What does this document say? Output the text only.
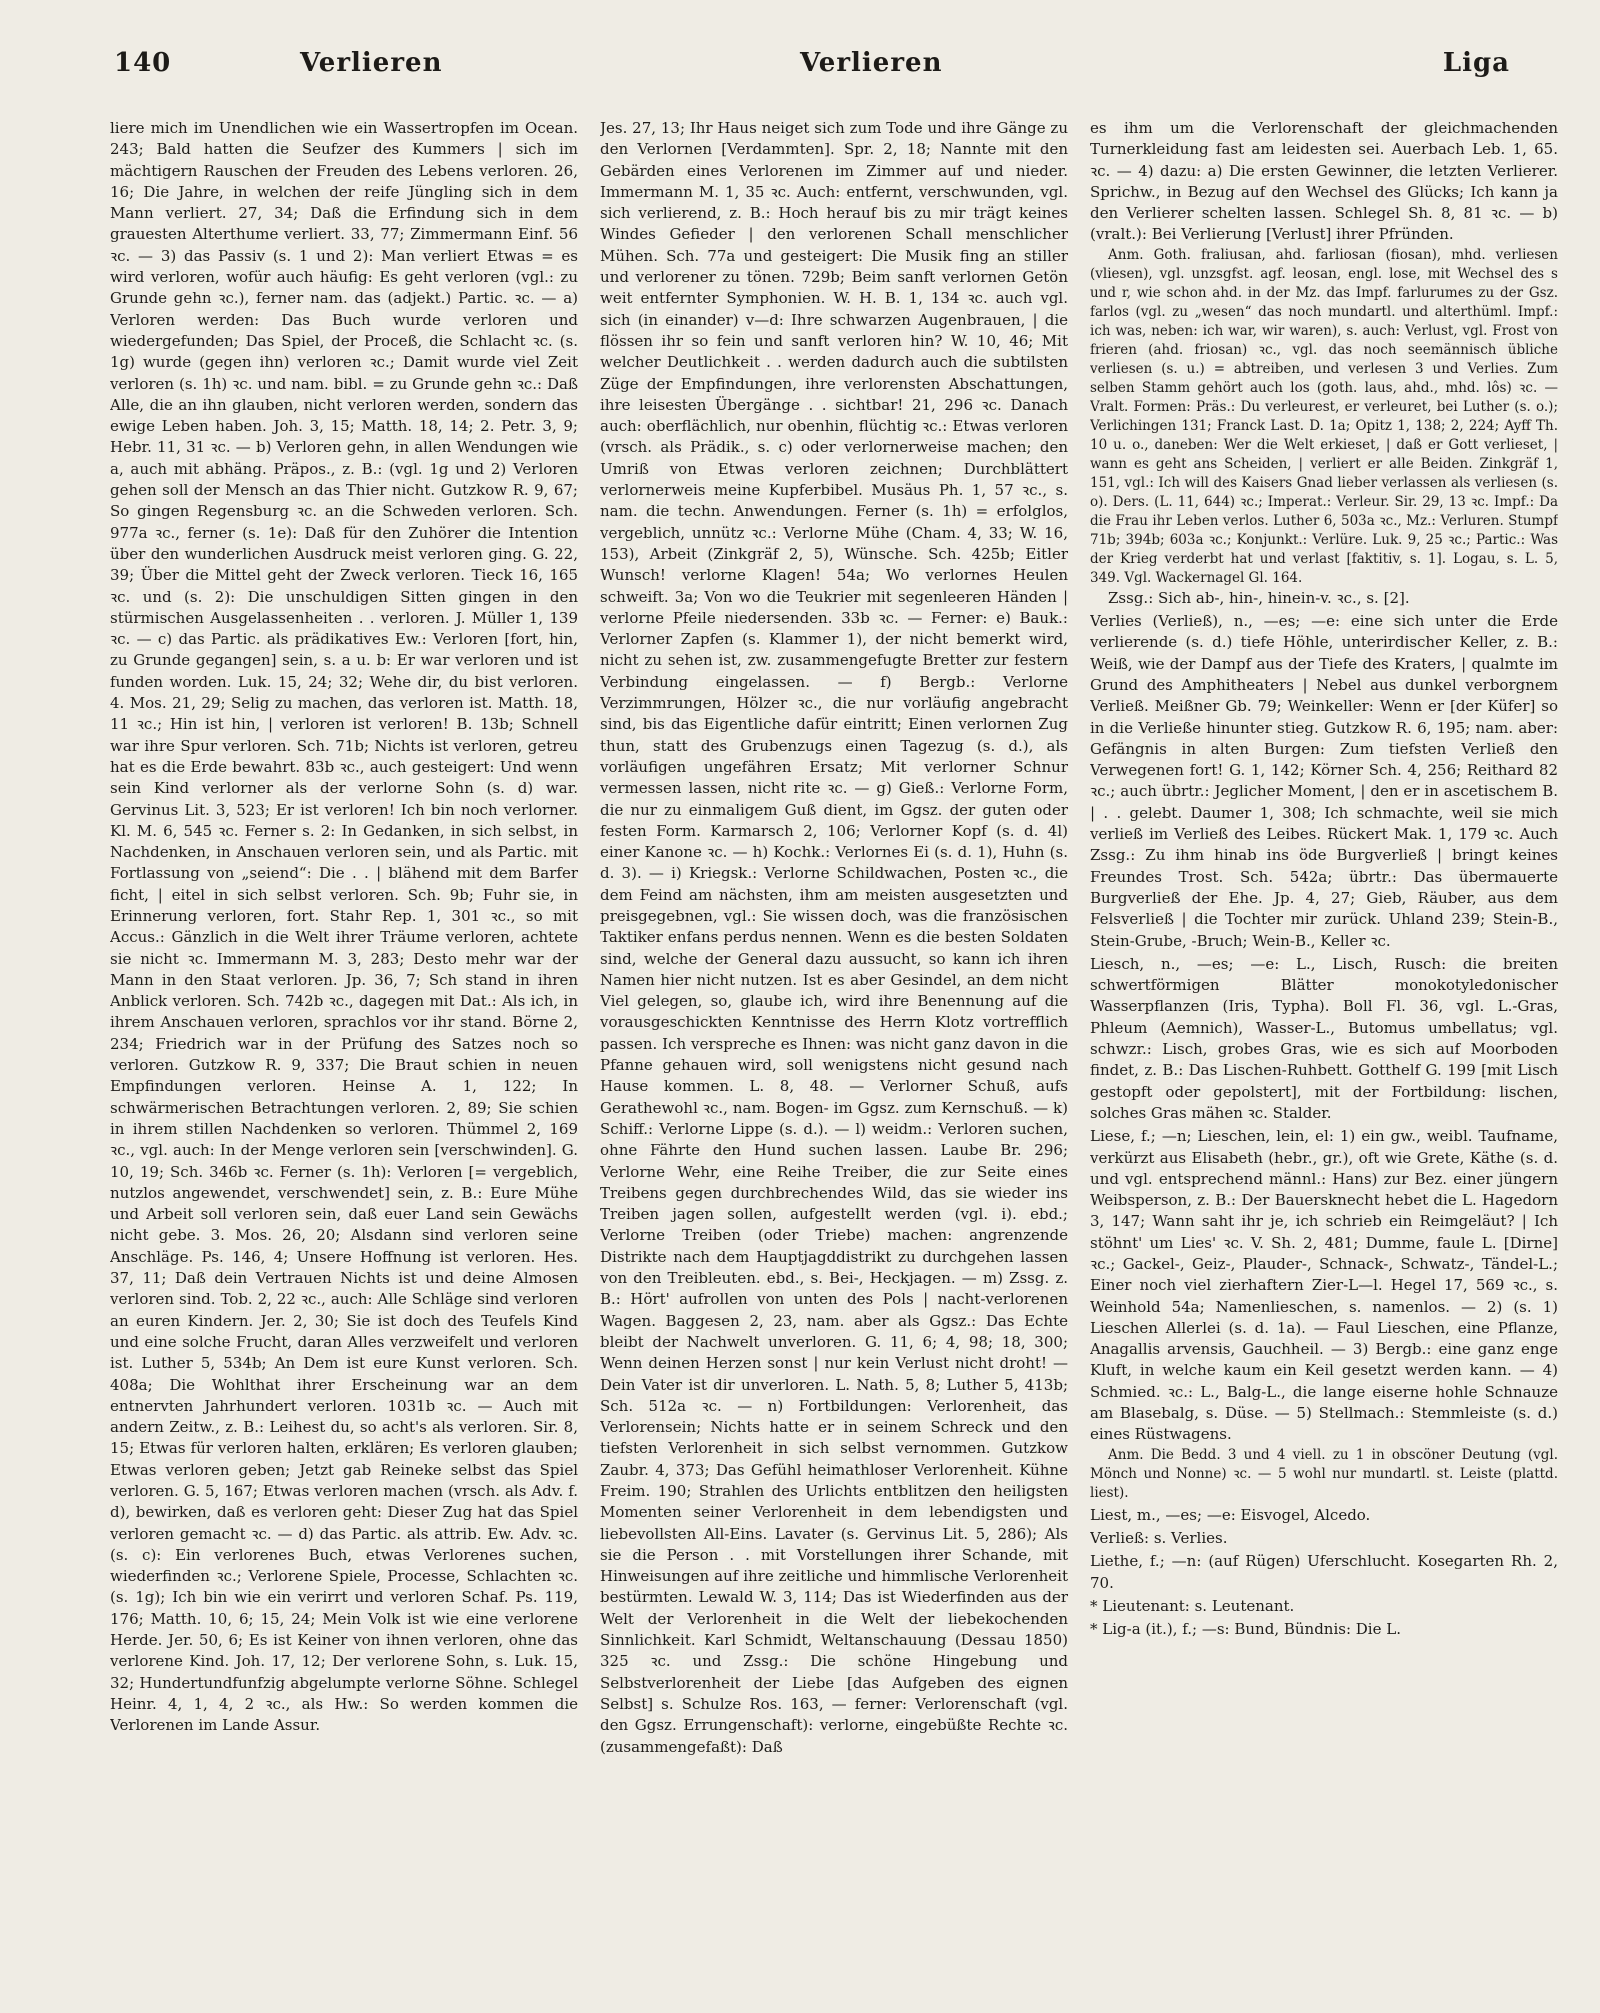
140	Verlieren	Verlieren	Liga

liere mich im Unendlichen wie ein Wassertropfen im Ocean. 243; Bald hatten die Seufzer des Kummers | sich im mächtigern Rauschen der Freuden des Lebens verloren. 26, 16; Die Jahre, in welchen der reife Jüngling sich in dem Mann verliert. 27, 34; Daß die Erfindung sich in dem grauesten Alterthume verliert. 33, 77; Zimmermann Einf. 56 ꝛc. — 3) das Passiv (s. 1 und 2): Man verliert Etwas = es wird verloren, wofür auch häufig: Es geht verloren (vgl.: zu Grunde gehn ꝛc.), ferner nam. das (adjekt.) Partic. ꝛc. — a) Verloren werden: Das Buch wurde verloren und wiedergefunden; Das Spiel, der Proceß, die Schlacht ꝛc. (s. 1g) wurde (gegen ihn) verloren ꝛc.; Damit wurde viel Zeit verloren (s. 1h) ꝛc. und nam. bibl. = zu Grunde gehn ꝛc.: Daß Alle, die an ihn glauben, nicht verloren werden, sondern das ewige Leben haben. Joh. 3, 15; Matth. 18, 14; 2. Petr. 3, 9; Hebr. 11, 31 ꝛc. — b) Verloren gehn, in allen Wendungen wie a, auch mit abhäng. Präpos., z. B.: (vgl. 1g und 2) Verloren gehen soll der Mensch an das Thier nicht. Gutzkow R. 9, 67; So gingen Regensburg ꝛc. an die Schweden verloren. Sch. 977a ꝛc., ferner (s. 1e): Daß für den Zuhörer die Intention über den wunderlichen Ausdruck meist verloren ging. G. 22, 39; Über die Mittel geht der Zweck verloren. Tieck 16, 165 ꝛc. und (s. 2): Die unschuldigen Sitten gingen in den stürmischen Ausgelassenheiten . . verloren. J. Müller 1, 139 ꝛc. — c) das Partic. als prädikatives Ew.: Verloren [fort, hin, zu Grunde gegangen] sein, s. a u. b: Er war verloren und ist funden worden. Luk. 15, 24; 32; Wehe dir, du bist verloren. 4. Mos. 21, 29; Selig zu machen, das verloren ist. Matth. 18, 11 ꝛc.; Hin ist hin, | verloren ist verloren! B. 13b; Schnell war ihre Spur verloren. Sch. 71b; Nichts ist verloren, getreu hat es die Erde bewahrt. 83b ꝛc., auch gesteigert: Und wenn sein Kind verlorner als der verlorne Sohn (s. d) war. Gervinus Lit. 3, 523; Er ist verloren! Ich bin noch verlorner. Kl. M. 6, 545 ꝛc. Ferner s. 2: In Gedanken, in sich selbst, in Nachdenken, in Anschauen verloren sein, und als Partic. mit Fortlassung von „seiend“: Die . . | blähend mit dem Barfer ficht, | eitel in sich selbst verloren. Sch. 9b; Fuhr sie, in Erinnerung verloren, fort. Stahr Rep. 1, 301 ꝛc., so mit Accus.: Gänzlich in die Welt ihrer Träume verloren, achtete sie nicht ꝛc. Immermann M. 3, 283; Desto mehr war der Mann in den Staat verloren. Jp. 36, 7; Sch stand in ihren Anblick verloren. Sch. 742b ꝛc., dagegen mit Dat.: Als ich, in ihrem Anschauen verloren, sprachlos vor ihr stand. Börne 2, 234; Friedrich war in der Prüfung des Satzes noch so verloren. Gutzkow R. 9, 337; Die Braut schien in neuen Empfindungen verloren. Heinse A. 1, 122; In schwärmerischen Betrachtungen verloren. 2, 89; Sie schien in ihrem stillen Nachdenken so verloren. Thümmel 2, 169 ꝛc., vgl. auch: In der Menge verloren sein [verschwinden]. G. 10, 19; Sch. 346b ꝛc. Ferner (s. 1h): Verloren [= vergeblich, nutzlos angewendet, verschwendet] sein, z. B.: Eure Mühe und Arbeit soll verloren sein, daß euer Land sein Gewächs nicht gebe. 3. Mos. 26, 20; Alsdann sind verloren seine Anschläge. Ps. 146, 4; Unsere Hoffnung ist verloren. Hes. 37, 11; Daß dein Vertrauen Nichts ist und deine Almosen verloren sind. Tob. 2, 22 ꝛc., auch: Alle Schläge sind verloren an euren Kindern. Jer. 2, 30; Sie ist doch des Teufels Kind und eine solche Frucht, daran Alles verzweifelt und verloren ist. Luther 5, 534b; An Dem ist eure Kunst verloren. Sch. 408a; Die Wohlthat ihrer Erscheinung war an dem entnervten Jahrhundert verloren. 1031b ꝛc. — Auch mit andern Zeitw., z. B.: Leihest du, so acht's als verloren. Sir. 8, 15; Etwas für verloren halten, erklären; Es verloren glauben; Etwas verloren geben; Jetzt gab Reineke selbst das Spiel verloren. G. 5, 167; Etwas verloren machen (vrsch. als Adv. f. d), bewirken, daß es verloren geht: Dieser Zug hat das Spiel verloren gemacht ꝛc. — d) das Partic. als attrib. Ew. Adv. ꝛc. (s. c): Ein verlorenes Buch, etwas Verlorenes suchen, wiederfinden ꝛc.; Verlorene Spiele, Processe, Schlachten ꝛc. (s. 1g); Ich bin wie ein verirrt und verloren Schaf. Ps. 119, 176; Matth. 10, 6; 15, 24; Mein Volk ist wie eine verlorene Herde. Jer. 50, 6; Es ist Keiner von ihnen verloren, ohne das verlorene Kind. Joh. 17, 12; Der verlorene Sohn, s. Luk. 15, 32; Hundertundfunfzig abgelumpte verlorne Söhne. Schlegel Heinr. 4, 1, 4, 2 ꝛc., als Hw.: So werden kommen die Verlorenen im Lande Assur.

Jes. 27, 13; Ihr Haus neiget sich zum Tode und ihre Gänge zu den Verlornen [Verdammten]. Spr. 2, 18; Nannte mit den Gebärden eines Verlorenen im Zimmer auf und nieder. Immermann M. 1, 35 ꝛc. Auch: entfernt, verschwunden, vgl. sich verlierend, z. B.: Hoch herauf bis zu mir trägt keines Windes Gefieder | den verlorenen Schall menschlicher Mühen. Sch. 77a und gesteigert: Die Musik fing an stiller und verlorener zu tönen. 729b; Beim sanft verlornen Getön weit entfernter Symphonien. W. H. B. 1, 134 ꝛc. auch vgl. sich (in einander) v—d: Ihre schwarzen Augenbrauen, | die flössen ihr so fein und sanft verloren hin? W. 10, 46; Mit welcher Deutlichkeit . . werden dadurch auch die subtilsten Züge der Empfindungen, ihre verlorensten Abschattungen, ihre leisesten Übergänge . . sichtbar! 21, 296 ꝛc. Danach auch: oberflächlich, nur obenhin, flüchtig ꝛc.: Etwas verloren (vrsch. als Prädik., s. c) oder verlornerweise machen; den Umriß von Etwas verloren zeichnen; Durchblättert verlornerweis meine Kupferbibel. Musäus Ph. 1, 57 ꝛc., s. nam. die techn. Anwendungen. Ferner (s. 1h) = erfolglos, vergeblich, unnütz ꝛc.: Verlorne Mühe (Cham. 4, 33; W. 16, 153), Arbeit (Zinkgräf 2, 5), Wünsche. Sch. 425b; Eitler Wunsch! verlorne Klagen! 54a; Wo verlornes Heulen schweift. 3a; Von wo die Teukrier mit segenleeren Händen | verlorne Pfeile niedersenden. 33b ꝛc. — Ferner: e) Bauk.: Verlorner Zapfen (s. Klammer 1), der nicht bemerkt wird, nicht zu sehen ist, zw. zusammengefugte Bretter zur festern Verbindung eingelassen. — f) Bergb.: Verlorne Verzimmrungen, Hölzer ꝛc., die nur vorläufig angebracht sind, bis das Eigentliche dafür eintritt; Einen verlornen Zug thun, statt des Grubenzugs einen Tagezug (s. d.), als vorläufigen ungefähren Ersatz; Mit verlorner Schnur vermessen lassen, nicht rite ꝛc. — g) Gieß.: Verlorne Form, die nur zu einmaligem Guß dient, im Ggsz. der guten oder festen Form. Karmarsch 2, 106; Verlorner Kopf (s. d. 4l) einer Kanone ꝛc. — h) Kochk.: Verlornes Ei (s. d. 1), Huhn (s. d. 3). — i) Kriegsk.: Verlorne Schildwachen, Posten ꝛc., die dem Feind am nächsten, ihm am meisten ausgesetzten und preisgegebnen, vgl.: Sie wissen doch, was die französischen Taktiker enfans perdus nennen. Wenn es die besten Soldaten sind, welche der General dazu aussucht, so kann ich ihren Namen hier nicht nutzen. Ist es aber Gesindel, an dem nicht Viel gelegen, so, glaube ich, wird ihre Benennung auf die vorausgeschickten Kenntnisse des Herrn Klotz vortrefflich passen. Ich verspreche es Ihnen: was nicht ganz davon in die Pfanne gehauen wird, soll wenigstens nicht gesund nach Hause kommen. L. 8, 48. — Verlorner Schuß, aufs Gerathewohl ꝛc., nam. Bogen- im Ggsz. zum Kernschuß. — k) Schiff.: Verlorne Lippe (s. d.). — l) weidm.: Verloren suchen, ohne Fährte den Hund suchen lassen. Laube Br. 296; Verlorne Wehr, eine Reihe Treiber, die zur Seite eines Treibens gegen durchbrechendes Wild, das sie wieder ins Treiben jagen sollen, aufgestellt werden (vgl. i). ebd.; Verlorne Treiben (oder Triebe) machen: angrenzende Distrikte nach dem Hauptjagddistrikt zu durchgehen lassen von den Treibleuten. ebd., s. Bei-, Heckjagen. — m) Zssg. z. B.: Hört' aufrollen von unten des Pols | nacht-verlorenen Wagen. Baggesen 2, 23, nam. aber als Ggsz.: Das Echte bleibt der Nachwelt unverloren. G. 11, 6; 4, 98; 18, 300; Wenn deinen Herzen sonst | nur kein Verlust nicht droht! — Dein Vater ist dir unverloren. L. Nath. 5, 8; Luther 5, 413b; Sch. 512a ꝛc. — n) Fortbildungen: Verlorenheit, das Verlorensein; Nichts hatte er in seinem Schreck und den tiefsten Verlorenheit in sich selbst vernommen. Gutzkow Zaubr. 4, 373; Das Gefühl heimathloser Verlorenheit. Kühne Freim. 190; Strahlen des Urlichts entblitzen den heiligsten Momenten seiner Verlorenheit in dem lebendigsten und liebevollsten All-Eins. Lavater (s. Gervinus Lit. 5, 286); Als sie die Person . . mit Vorstellungen ihrer Schande, mit Hinweisungen auf ihre zeitliche und himmlische Verlorenheit bestürmten. Lewald W. 3, 114; Das ist Wiederfinden aus der Welt der Verlorenheit in die Welt der liebekochenden Sinnlichkeit. Karl Schmidt, Weltanschauung (Dessau 1850) 325 ꝛc. und Zssg.: Die schöne Hingebung und Selbstverlorenheit der Liebe [das Aufgeben des eignen Selbst] s. Schulze Ros. 163, — ferner: Verlorenschaft (vgl. den Ggsz. Errungenschaft): verlorne, eingebüßte Rechte ꝛc. (zusammengefaßt): Daß

es ihm um die Verlorenschaft der gleichmachenden Turnerkleidung fast am leidesten sei. Auerbach Leb. 1, 65. ꝛc. — 4) dazu: a) Die ersten Gewinner, die letzten Verlierer. Sprichw., in Bezug auf den Wechsel des Glücks; Ich kann ja den Verlierer schelten lassen. Schlegel Sh. 8, 81 ꝛc. — b) (vralt.): Bei Verlierung [Verlust] ihrer Pfründen.

Anm. Goth. fraliusan, ahd. farliosan (fiosan), mhd. verliesen (vliesen), vgl. unzsgfst. agf. leosan, engl. lose, mit Wechsel des s und r, wie schon ahd. in der Mz. das Impf. farlurumes zu der Gsz. farlos (vgl. zu „wesen“ das noch mundartl. und alterthüml. Impf.: ich was, neben: ich war, wir waren), s. auch: Verlust, vgl. Frost von frieren (ahd. friosan) ꝛc., vgl. das noch seemännisch übliche verliesen (s. u.) = abtreiben, und verlesen 3 und Verlies. Zum selben Stamm gehört auch los (goth. laus, ahd., mhd. lôs) ꝛc. — Vralt. Formen: Präs.: Du verleurest, er verleuret, bei Luther (s. o.); Verlichingen 131; Franck Last. D. 1a; Opitz 1, 138; 2, 224; Ayff Th. 10 u. o., daneben: Wer die Welt erkieset, | daß er Gott verlieset, | wann es geht ans Scheiden, | verliert er alle Beiden. Zinkgräf 1, 151, vgl.: Ich will des Kaisers Gnad lieber verlassen als verliesen (s. o). Ders. (L. 11, 644) ꝛc.; Imperat.: Verleur. Sir. 29, 13 ꝛc. Impf.: Da die Frau ihr Leben verlos. Luther 6, 503a ꝛc., Mz.: Verluren. Stumpf 71b; 394b; 603a ꝛc.; Konjunkt.: Verlüre. Luk. 9, 25 ꝛc.; Partic.: Was der Krieg verderbt hat und verlast [faktitiv, s. 1]. Logau, s. L. 5, 349. Vgl. Wackernagel Gl. 164.

Zssg.: Sich ab-, hin-, hinein-v. ꝛc., s. [2].

Verlies (Verließ), n., —es; —e: eine sich unter die Erde verlierende (s. d.) tiefe Höhle, unterirdischer Keller, z. B.: Weiß, wie der Dampf aus der Tiefe des Kraters, | qualmte im Grund des Amphitheaters | Nebel aus dunkel verborgnem Verließ. Meißner Gb. 79; Weinkeller: Wenn er [der Küfer] so in die Verließe hinunter stieg. Gutzkow R. 6, 195; nam. aber: Gefängnis in alten Burgen: Zum tiefsten Verließ den Verwegenen fort! G. 1, 142; Körner Sch. 4, 256; Reithard 82 ꝛc.; auch übrtr.: Jeglicher Moment, | den er in ascetischem B. | . . gelebt. Daumer 1, 308; Ich schmachte, weil sie mich verließ im Verließ des Leibes. Rückert Mak. 1, 179 ꝛc. Auch Zssg.: Zu ihm hinab ins öde Burgverließ | bringt keines Freundes Trost. Sch. 542a; übrtr.: Das übermauerte Burgverließ der Ehe. Jp. 4, 27; Gieb, Räuber, aus dem Felsverließ | die Tochter mir zurück. Uhland 239; Stein-B., Stein-Grube, -Bruch; Wein-B., Keller ꝛc.

Liesch, n., —es; —e: L., Lisch, Rusch: die breiten schwertförmigen Blätter monokotyledonischer Wasserpflanzen (Iris, Typha). Boll Fl. 36, vgl. L.-Gras, Phleum (Aemnich), Wasser-L., Butomus umbellatus; vgl. schwzr.: Lisch, grobes Gras, wie es sich auf Moorboden findet, z. B.: Das Lischen-Ruhbett. Gotthelf G. 199 [mit Lisch gestopft oder gepolstert], mit der Fortbildung: lischen, solches Gras mähen ꝛc. Stalder.

Liese, f.; —n; Lieschen, lein, el: 1) ein gw., weibl. Taufname, verkürzt aus Elisabeth (hebr., gr.), oft wie Grete, Käthe (s. d. und vgl. entsprechend männl.: Hans) zur Bez. einer jüngern Weibsperson, z. B.: Der Bauersknecht hebet die L. Hagedorn 3, 147; Wann saht ihr je, ich schrieb ein Reimgeläut? | Ich stöhnt' um Lies' ꝛc. V. Sh. 2, 481; Dumme, faule L. [Dirne] ꝛc.; Gackel-, Geiz-, Plauder-, Schnack-, Schwatz-, Tändel-L.; Einer noch viel zierhaftern Zier-L—l. Hegel 17, 569 ꝛc., s. Weinhold 54a; Namenlieschen, s. namenlos. — 2) (s. 1) Lieschen Allerlei (s. d. 1a). — Faul Lieschen, eine Pflanze, Anagallis arvensis, Gauchheil. — 3) Bergb.: eine ganz enge Kluft, in welche kaum ein Keil gesetzt werden kann. — 4) Schmied. ꝛc.: L., Balg-L., die lange eiserne hohle Schnauze am Blasebalg, s. Düse. — 5) Stellmach.: Stemmleiste (s. d.) eines Rüstwagens.

Anm. Die Bedd. 3 und 4 viell. zu 1 in obscöner Deutung (vgl. Mönch und Nonne) ꝛc. — 5 wohl nur mundartl. st. Leiste (plattd. liest).

Liest, m., —es; —e: Eisvogel, Alcedo.

Verließ: s. Verlies.

Liethe, f.; —n: (auf Rügen) Uferschlucht. Kosegarten Rh. 2, 70.

* Lieutenant: s. Leutenant.

* Lig-a (it.), f.; —s: Bund, Bündnis: Die L.
